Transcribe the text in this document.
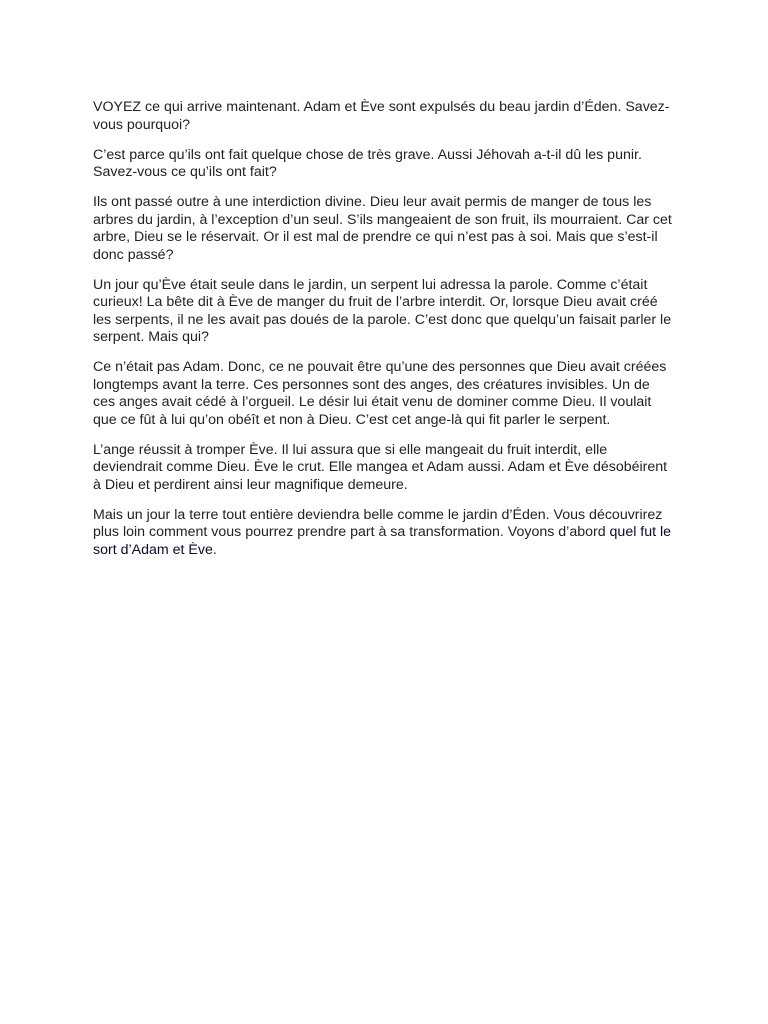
VOYEZ ce qui arrive maintenant. Adam et Ève sont expulsés du beau jardin d’Éden. Savez-vous pourquoi?

C’est parce qu’ils ont fait quelque chose de très grave. Aussi Jéhovah a-t-il dû les punir. Savez-vous ce qu’ils ont fait?

Ils ont passé outre à une interdiction divine. Dieu leur avait permis de manger de tous les arbres du jardin, à l’exception d’un seul. S’ils mangeaient de son fruit, ils mourraient. Car cet arbre, Dieu se le réservait. Or il est mal de prendre ce qui n’est pas à soi. Mais que s’est-il donc passé?

Un jour qu’Ève était seule dans le jardin, un serpent lui adressa la parole. Comme c’était curieux! La bête dit à Ève de manger du fruit de l’arbre interdit. Or, lorsque Dieu avait créé les serpents, il ne les avait pas doués de la parole. C’est donc que quelqu’un faisait parler le serpent. Mais qui?

Ce n’était pas Adam. Donc, ce ne pouvait être qu’une des personnes que Dieu avait créées longtemps avant la terre. Ces personnes sont des anges, des créatures invisibles. Un de ces anges avait cédé à l’orgueil. Le désir lui était venu de dominer comme Dieu. Il voulait que ce fût à lui qu’on obéît et non à Dieu. C’est cet ange-là qui fit parler le serpent.

L’ange réussit à tromper Ève. Il lui assura que si elle mangeait du fruit interdit, elle deviendrait comme Dieu. Ève le crut. Elle mangea et Adam aussi. Adam et Ève désobéirent à Dieu et perdirent ainsi leur magnifique demeure.

Mais un jour la terre tout entière deviendra belle comme le jardin d’Éden. Vous découvrirez plus loin comment vous pourrez prendre part à sa transformation. Voyons d’abord quel fut le sort d’Adam et Ève.
